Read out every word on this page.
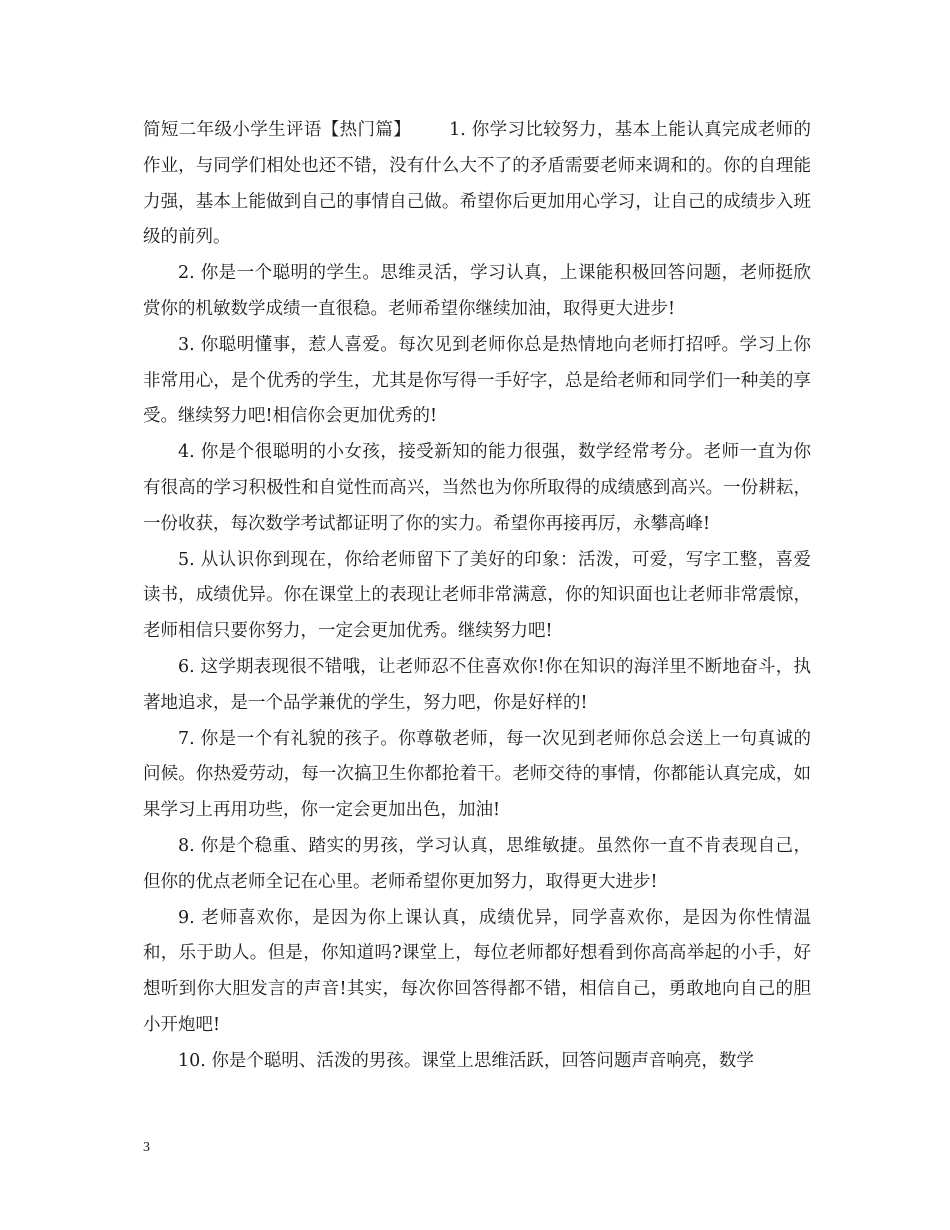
简短二年级小学生评语【热门篇】 1. 你学习比较努力，基本上能认真完成老师的作业，与同学们相处也还不错，没有什么大不了的矛盾需要老师来调和的。你的自理能力强，基本上能做到自己的事情自己做。希望你后更加用心学习，让自己的成绩步入班级的前列。

2. 你是一个聪明的学生。思维灵活，学习认真，上课能积极回答问题，老师挺欣赏你的机敏数学成绩一直很稳。老师希望你继续加油，取得更大进步!

3. 你聪明懂事，惹人喜爱。每次见到老师你总是热情地向老师打招呼。学习上你非常用心，是个优秀的学生，尤其是你写得一手好字，总是给老师和同学们一种美的享受。继续努力吧!相信你会更加优秀的!

4. 你是个很聪明的小女孩，接受新知的能力很强，数学经常考分。老师一直为你有很高的学习积极性和自觉性而高兴，当然也为你所取得的成绩感到高兴。一份耕耘，一份收获，每次数学考试都证明了你的实力。希望你再接再厉，永攀高峰!

5. 从认识你到现在，你给老师留下了美好的印象：活泼，可爱，写字工整，喜爱读书，成绩优异。你在课堂上的表现让老师非常满意，你的知识面也让老师非常震惊，老师相信只要你努力，一定会更加优秀。继续努力吧!

6. 这学期表现很不错哦，让老师忍不住喜欢你!你在知识的海洋里不断地奋斗，执著地追求，是一个品学兼优的学生，努力吧，你是好样的!

7. 你是一个有礼貌的孩子。你尊敬老师，每一次见到老师你总会送上一句真诚的问候。你热爱劳动，每一次搞卫生你都抢着干。老师交待的事情，你都能认真完成，如果学习上再用功些，你一定会更加出色，加油!

8. 你是个稳重、踏实的男孩，学习认真，思维敏捷。虽然你一直不肯表现自己，但你的优点老师全记在心里。老师希望你更加努力，取得更大进步!

9. 老师喜欢你，是因为你上课认真，成绩优异，同学喜欢你，是因为你性情温和，乐于助人。但是，你知道吗?课堂上，每位老师都好想看到你高高举起的小手，好想听到你大胆发言的声音!其实，每次你回答得都不错，相信自己，勇敢地向自己的胆小开炮吧!

10. 你是个聪明、活泼的男孩。课堂上思维活跃，回答问题声音响亮，数学

3
